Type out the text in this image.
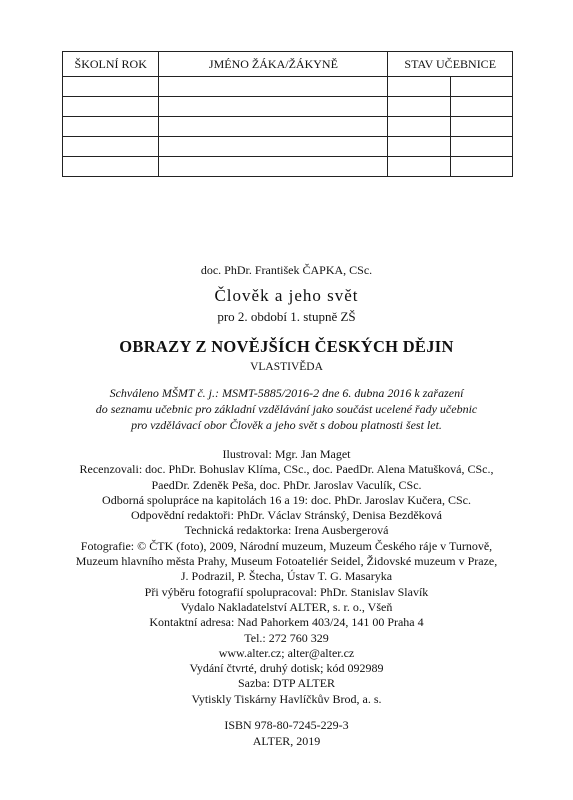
ŠKOLNÍ ROK	JMÉNO ŽÁKA/ŽÁKYNĚ	STAV UČEBNICE	

doc. PhDr. František ČAPKA, CSc.
Člověk a jeho svět
pro 2. období 1. stupně ZŠ
OBRAZY Z NOVĚJŠÍCH ČESKÝCH DĚJIN
VLASTIVĚDA
Schváleno MŠMT č. j.: MSMT-5885/2016-2 dne 6. dubna 2016 k zařazení
do seznamu učebnic pro základní vzdělávání jako součást ucelené řady učebnic
pro vzdělávací obor Člověk a jeho svět s dobou platnosti šest let.
Ilustroval: Mgr. Jan Maget
Recenzovali: doc. PhDr. Bohuslav Klíma, CSc., doc. PaedDr. Alena Matušková, CSc.,
PaedDr. Zdeněk Peša, doc. PhDr. Jaroslav Vaculík, CSc.
Odborná spolupráce na kapitolách 16 a 19: doc. PhDr. Jaroslav Kučera, CSc.
Odpovědní redaktoři: PhDr. Václav Stránský, Denisa Bezděková
Technická redaktorka: Irena Ausbergerová
Fotografie: © ČTK (foto), 2009, Národní muzeum, Muzeum Českého ráje v Turnově,
Muzeum hlavního města Prahy, Museum Fotoateliér Seidel, Židovské muzeum v Praze,
J. Podrazil, P. Štecha, Ústav T. G. Masaryka
Při výběru fotografií spolupracoval: PhDr. Stanislav Slavík
Vydalo Nakladatelství ALTER, s. r. o., Všeň
Kontaktní adresa: Nad Pahorkem 403/24, 141 00 Praha 4
Tel.: 272 760 329
www.alter.cz; alter@alter.cz
Vydání čtvrté, druhý dotisk; kód 092989
Sazba: DTP ALTER
Vytiskly Tiskárny Havlíčkův Brod, a. s.
ISBN 978-80-7245-229-3
ALTER, 2019
